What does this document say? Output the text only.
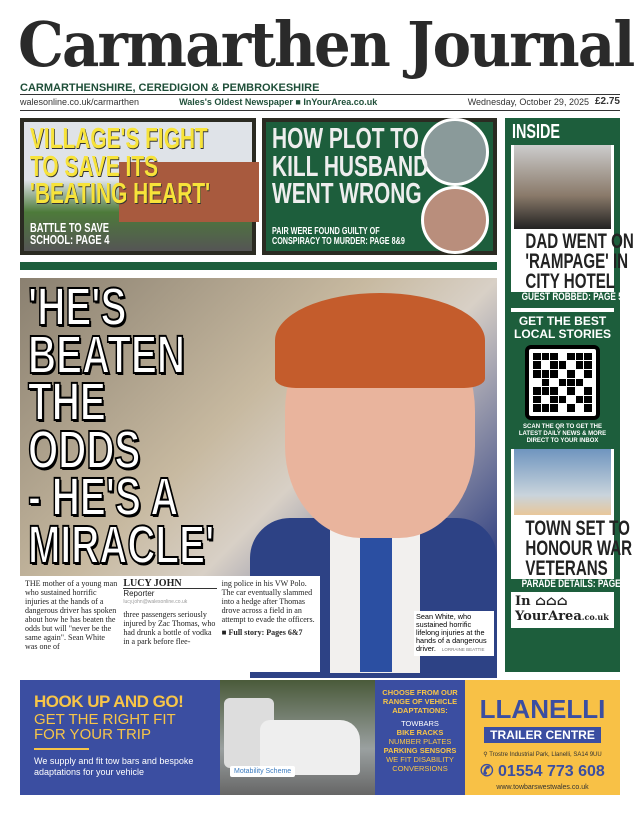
Carmarthen Journal
CARMARTHENSHIRE, CEREDIGION & PEMBROKESHIRE
walesonline.co.uk/carmarthen	Wales's Oldest Newspaper ■ InYourArea.co.uk	Wednesday, October 29, 2025 £2.75
VILLAGE'S FIGHT
TO SAVE ITS
'BEATING HEART'
BATTLE TO SAVE
SCHOOL: PAGE 4
HOW PLOT TO
KILL HUSBAND
WENT WRONG
PAIR WERE FOUND GUILTY OF
CONSPIRACY TO MURDER: PAGE 8&9
'HE'S
BEATEN
THE
ODDS
- HE'S A
MIRACLE'
THE mother of a young man who sustained horrific injuries at the hands of a dangerous driver has spoken about how he has beaten the odds but will "never be the same again". Sean White was one of
LUCY JOHN
Reporter
lucy.john@walesonline.co.uk
three passengers seriously injured by Zac Thomas, who had drunk a bottle of vodka in a park before flee-
ing police in his VW Polo. The car eventually slammed into a hedge after Thomas drove across a field in an attempt to evade the officers.
■ Full story: Pages 6&7
Sean White, who sustained horrific lifelong injuries at the hands of a dangerous driver. LORRAINE BEATTIE
INSIDE
DAD WENT ON
'RAMPAGE' IN
CITY HOTEL
GUEST ROBBED: PAGE 5
GET THE BEST
LOCAL STORIES
SCAN THE QR TO GET THE
LATEST DAILY NEWS & MORE
DIRECT TO YOUR INBOX
TOWN SET TO
HONOUR WAR
VETERANS
PARADE DETAILS: PAGE 3
In ⌂⌂⌂
YourArea.co.uk
HOOK UP AND GO!
GET THE RIGHT FIT
FOR YOUR TRIP

We supply and fit tow bars and bespoke adaptations for your vehicle	Motability Scheme
CHOOSE FROM OUR RANGE OF VEHICLE ADAPTATIONS:
TOWBARS
BIKE RACKS
NUMBER PLATES
PARKING SENSORS
WE FIT DISABILITY CONVERSIONS
LLANELLI
TRAILER CENTRE
⚲ Trostre Industrial Park, Llanelli, SA14 9UU
✆ 01554 773 608
www.towbarswestwales.co.uk
